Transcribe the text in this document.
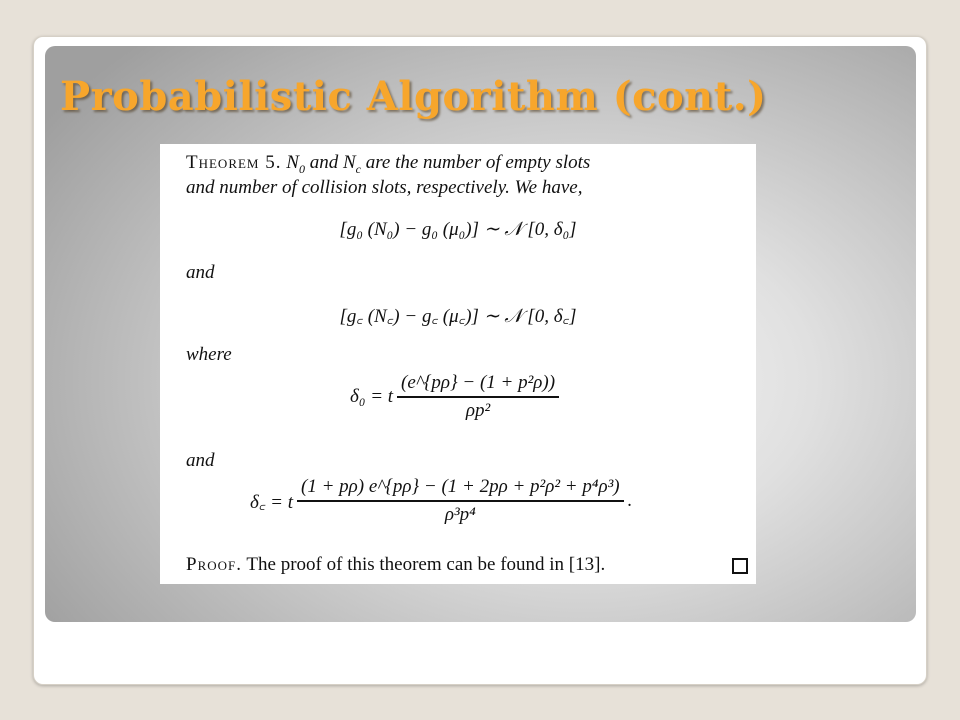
Probabilistic Algorithm (cont.)
Theorem 5. $N_0$ and $N_c$ are the number of empty slots
and number of collision slots, respectively. We have,
[g₀ (N₀) − g₀ (μ₀)] ∼ 𝒩 [0, δ₀]
and
[g꜀ (N꜀) − g꜀ (μ꜀)] ∼ 𝒩 [0, δ꜀]
where
δ₀ = t $\frac{\text{(e\textasciicircum{}\{pρ\} − (1 + p²ρ))}}{\text{ρp²}}$
and
δ꜀ = t $\frac{\text{(1 + pρ) e\textasciicircum{}\{pρ\} − (1 + 2pρ + p²ρ² + p⁴ρ³)}}{\text{ρ³p⁴}}$ .
Proof. The proof of this theorem can be found in [13].
